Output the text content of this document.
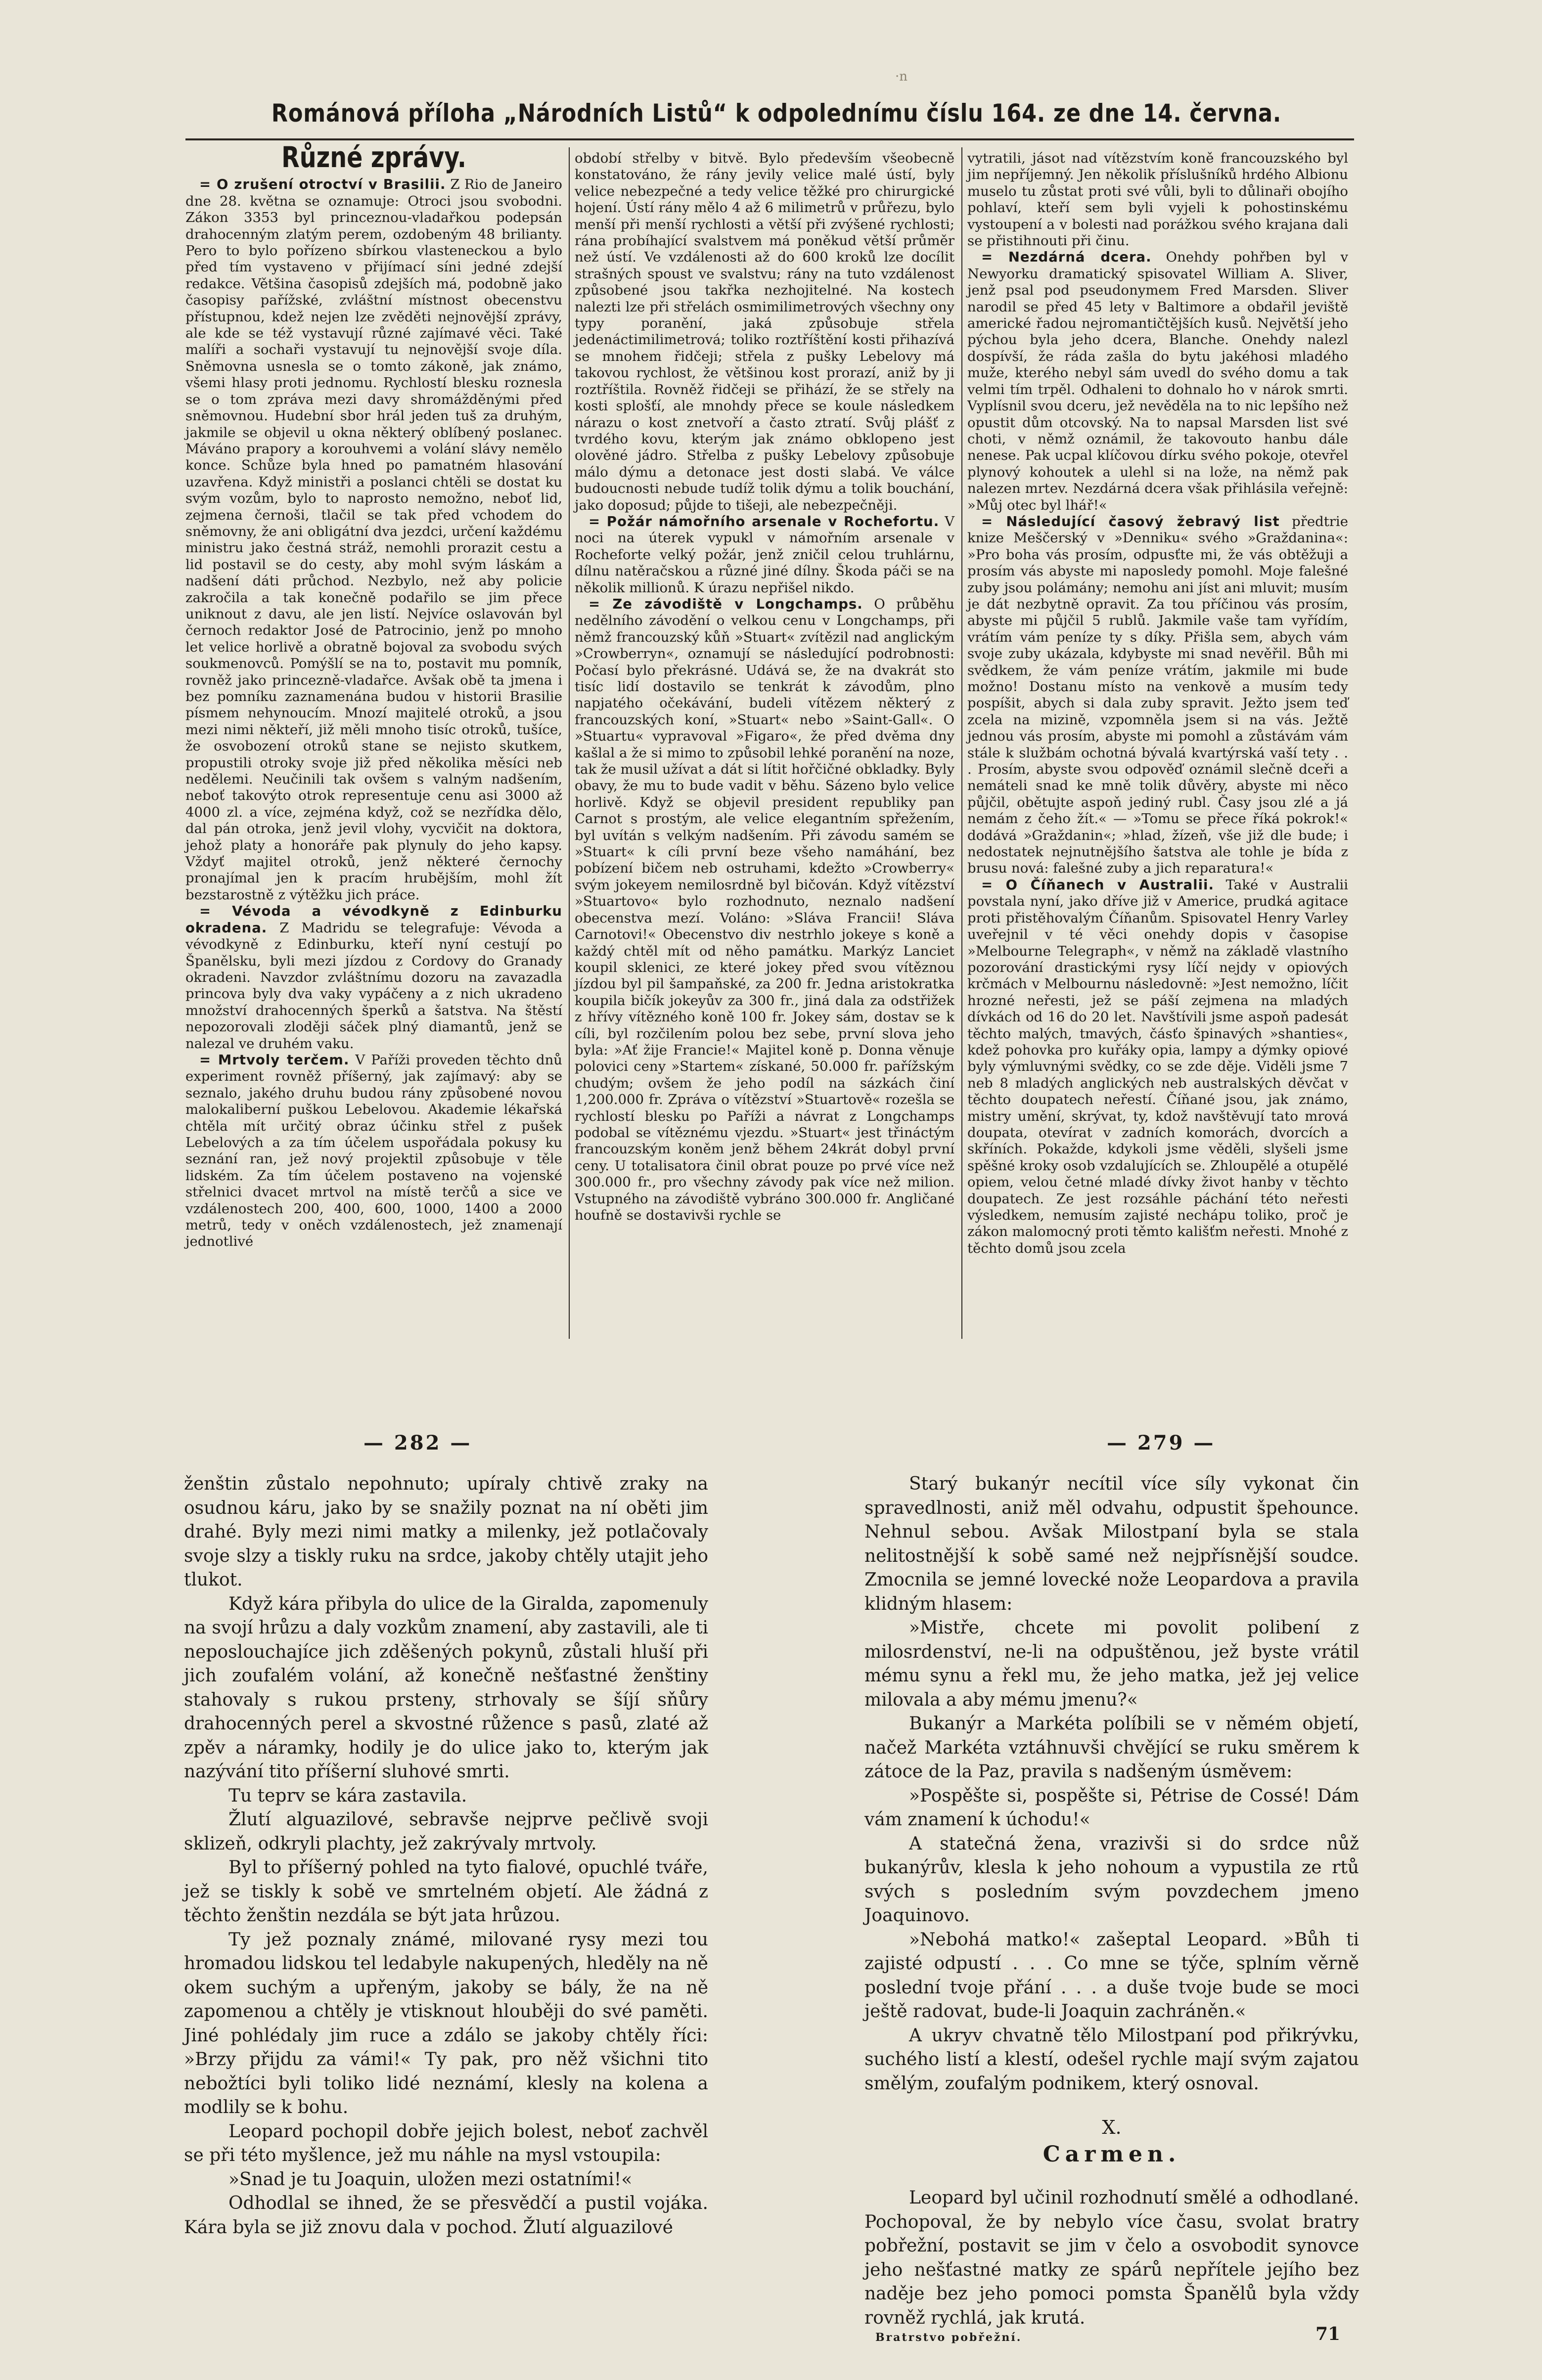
·n
Románová příloha „Národních Listů“ k odpolednímu číslu 164. ze dne 14. června.
Různé zprávy.

= O zrušení otroctví v Brasilii. Z Rio de Janeiro dne 28. května se oznamuje: Otroci jsou svobodni. Zákon 3353 byl princeznou-vladařkou podepsán drahocenným zlatým perem, ozdobeným 48 brilianty. Pero to bylo pořízeno sbírkou vlasteneckou a bylo před tím vystaveno v přijímací síni jedné zdejší redakce. Většina časopisů zdejších má, podobně jako časopisy pařížské, zvláštní místnost obecenstvu přístupnou, kdež nejen lze zvěděti nejnovější zprávy, ale kde se též vystavují různé zajímavé věci. Také malíři a sochaři vystavují tu nejnovější svoje díla. Sněmovna usnesla se o tomto zákoně, jak známo, všemi hlasy proti jednomu. Rychlostí blesku roznesla se o tom zpráva mezi davy shromážděnými před sněmovnou. Hudební sbor hrál jeden tuš za druhým, jakmile se objevil u okna některý oblíbený poslanec. Máváno prapory a korouhvemi a volání slávy nemělo konce. Schůze byla hned po pamatném hlasování uzavřena. Když ministři a poslanci chtěli se dostat ku svým vozům, bylo to naprosto nemožno, neboť lid, zejmena černoši, tlačil se tak před vchodem do sněmovny, že ani obligátní dva jezdci, určení každému ministru jako čestná stráž, nemohli prorazit cestu a lid postavil se do cesty, aby mohl svým láskám a nadšení dáti průchod. Nezbylo, než aby policie zakročila a tak konečně podařilo se jim přece uniknout z davu, ale jen listí. Nejvíce oslavován byl černoch redaktor José de Patrocinio, jenž po mnoho let velice horlivě a obratně bojoval za svobodu svých soukmenovců. Pomýšlí se na to, postavit mu pomník, rovněž jako princezně-vladařce. Avšak obě ta jmena i bez pomníku zaznamenána budou v historii Brasilie písmem nehynoucím. Mnozí majitelé otroků, a jsou mezi nimi někteří, již měli mnoho tisíc otroků, tušíce, že osvobození otroků stane se nejisto skutkem, propustili otroky svoje již před několika měsíci neb nedělemi. Neučinili tak ovšem s valným nadšením, neboť takovýto otrok representuje cenu asi 3000 až 4000 zl. a více, zejména když, což se nezřídka dělo, dal pán otroka, jenž jevil vlohy, vycvičit na doktora, jehož platy a honoráře pak plynuly do jeho kapsy. Vždyť majitel otroků, jenž některé černochy pronajímal jen k pracím hrubějším, mohl žít bezstarostně z výtěžku jich práce.

= Vévoda a vévodkyně z Edinburku okradena. Z Madridu se telegrafuje: Vévoda a vévodkyně z Edinburku, kteří nyní cestují po Španělsku, byli mezi jízdou z Cordovy do Granady okradeni. Navzdor zvláštnímu dozoru na zavazadla princova byly dva vaky vypáčeny a z nich ukradeno množství drahocenných šperků a šatstva. Na štěstí nepozorovali zloději sáček plný diamantů, jenž se nalezal ve druhém vaku.

= Mrtvoly terčem. V Paříži proveden těchto dnů experiment rovněž příšerný, jak zajímavý: aby se seznalo, jakého druhu budou rány způsobené novou malokaliberní puškou Lebelovou. Akademie lékařská chtěla mít určitý obraz účinku střel z pušek Lebelových a za tím účelem uspořádala pokusy ku seznání ran, jež nový projektil způsobuje v těle lidském. Za tím účelem postaveno na vojenské střelnici dvacet mrtvol na místě terčů a sice ve vzdálenostech 200, 400, 600, 1000, 1400 a 2000 metrů, tedy v oněch vzdálenostech, jež znamenají jednotlivé

období střelby v bitvě. Bylo především všeobecně konstatováno, že rány jevily velice malé ústí, byly velice nebezpečné a tedy velice těžké pro chirurgické hojení. Ústí rány mělo 4 až 6 milimetrů v průřezu, bylo menší při menší rychlosti a větší při zvýšené rychlosti; rána probíhající svalstvem má poněkud větší průměr než ústí. Ve vzdálenosti až do 600 kroků lze docílit strašných spoust ve svalstvu; rány na tuto vzdálenost způsobené jsou takřka nezhojitelné. Na kostech nalezti lze při střelách osmimilimetrových všechny ony typy poranění, jaká způsobuje střela jedenáctimilimetrová; toliko roztříštění kosti přihazívá se mnohem řidčeji; střela z pušky Lebelovy má takovou rychlost, že většinou kost prorazí, aniž by ji roztříštila. Rovněž řidčeji se přihází, že se střely na kosti splošťí, ale mnohdy přece se koule následkem nárazu o kost znetvoří a často ztratí. Svůj plášť z tvrdého kovu, kterým jak známo obklopeno jest olověné jádro. Střelba z pušky Lebelovy způsobuje málo dýmu a detonace jest dosti slabá. Ve válce budoucnosti nebude tudíž tolik dýmu a tolik bouchání, jako doposud; půjde to tišeji, ale nebezpečněji.

= Požár námořního arsenale v Rochefortu. V noci na úterek vypukl v námořním arsenale v Rocheforte velký požár, jenž zničil celou truhlárnu, dílnu natěračskou a různé jiné dílny. Škoda páči se na několik millionů. K úrazu nepřišel nikdo.

= Ze závodiště v Longchamps. O průběhu nedělního závodění o velkou cenu v Longchamps, při němž francouzský kůň »Stuart« zvítězil nad anglickým »Crowberryn«, oznamují se následující podrobnosti: Počasí bylo překrásné. Udává se, že na dvakrát sto tisíc lidí dostavilo se tenkrát k závodům, plno napjatého očekávání, budeli vítězem některý z francouzských koní, »Stuart« nebo »Saint-Gall«. O »Stuartu« vypravoval »Figaro«, že před dvěma dny kašlal a že si mimo to způsobil lehké poranění na noze, tak že musil užívat a dát si lítit hořčičné obkladky. Byly obavy, že mu to bude vadit v běhu. Sázeno bylo velice horlivě. Když se objevil president republiky pan Carnot s prostým, ale velice elegantním spřežením, byl uvítán s velkým nadšením. Při závodu samém se »Stuart« k cíli první beze všeho namáhání, bez pobízení bičem neb ostruhami, kdežto »Crowberry« svým jokeyem nemilosrdně byl bičován. Když vítězství »Stuartovo« bylo rozhodnuto, neznalo nadšení obecenstva mezí. Voláno: »Sláva Francii! Sláva Carnotovi!« Obecenstvo div nestrhlo jokeye s koně a každý chtěl mít od něho památku. Markýz Lanciet koupil sklenici, ze které jokey před svou vítěznou jízdou byl pil šampaňské, za 200 fr. Jedna aristokratka koupila bičík jokeyův za 300 fr., jiná dala za odstřižek z hřívy vítězného koně 100 fr. Jokey sám, dostav se k cíli, byl rozčilením polou bez sebe, první slova jeho byla: »Ať žije Francie!« Majitel koně p. Donna věnuje polovici ceny »Startem« získané, 50.000 fr. pařížským chudým; ovšem že jeho podíl na sázkách činí 1,200.000 fr. Zpráva o vítězství »Stuartově« rozešla se rychlostí blesku po Paříži a návrat z Longchamps podobal se vítěznému vjezdu. »Stuart« jest třináctým francouzským koněm jenž během 24krát dobyl první ceny. U totalisatora činil obrat pouze po prvé více než 300.000 fr., pro všechny závody pak více než milion. Vstupného na závodiště vybráno 300.000 fr. Angličané houfně se dostavivši rychle se

vytratili, jásot nad vítězstvím koně francouzského byl jim nepříjemný. Jen několik příslušníků hrdého Albionu muselo tu zůstat proti své vůli, byli to důlinaři obojího pohlaví, kteří sem byli vyjeli k pohostinskému vystoupení a v bolesti nad porážkou svého krajana dali se přistihnouti při činu.

= Nezdárná dcera. Onehdy pohřben byl v Newyorku dramatický spisovatel William A. Sliver, jenž psal pod pseudonymem Fred Marsden. Sliver narodil se před 45 lety v Baltimore a obdařil jeviště americké řadou nejromantičtějších kusů. Největší jeho pýchou byla jeho dcera, Blanche. Onehdy nalezl dospívší, že ráda zašla do bytu jakéhosi mladého muže, kterého nebyl sám uvedl do svého domu a tak velmi tím trpěl. Odhaleni to dohnalo ho v nárok smrti. Vyplísnil svou dceru, jež nevěděla na to nic lepšího než opustit dům otcovský. Na to napsal Marsden list své choti, v němž oznámil, že takovouto hanbu dále nenese. Pak ucpal klíčovou dírku svého pokoje, otevřel plynový kohoutek a ulehl si na lože, na němž pak nalezen mrtev. Nezdárná dcera však přihlásila veřejně: »Můj otec byl lhář!«

= Následující časový žebravý list předtrie knize Meščerský v »Denniku« svého »Graždanina«: »Pro boha vás prosím, odpusťte mi, že vás obtěžuji a prosím vás abyste mi naposledy pomohl. Moje falešné zuby jsou polámány; nemohu ani jíst ani mluvit; musím je dát nezbytně opravit. Za tou příčinou vás prosím, abyste mi půjčil 5 rublů. Jakmile vaše tam vyřídím, vrátím vám peníze ty s díky. Přišla sem, abych vám svoje zuby ukázala, kdybyste mi snad nevěřil. Bůh mi svědkem, že vám peníze vrátím, jakmile mi bude možno! Dostanu místo na venkově a musím tedy pospíšit, abych si dala zuby spravit. Ježto jsem teď zcela na mizině, vzpomněla jsem si na vás. Ježtě jednou vás prosím, abyste mi pomohl a zůstávám vám stále k službám ochotná bývalá kvartýrská vaší tety . . . Prosím, abyste svou odpověď oznámil slečně dceři a nemáteli snad ke mně tolik důvěry, abyste mi něco půjčil, obětujte aspoň jediný rubl. Časy jsou zlé a já nemám z čeho žít.« — »Tomu se přece říká pokrok!« dodává »Graždanin«; »hlad, žízeň, vše již dle bude; i nedostatek nejnutnějšího šatstva ale tohle je bída z brusu nová: falešné zuby a jich reparatura!«

= O Číňanech v Australii. Také v Australii povstala nyní, jako dříve již v Americe, prudká agitace proti přistěhovalým Číňanům. Spisovatel Henry Varley uveřejnil v té věci onehdy dopis v časopise »Melbourne Telegraph«, v němž na základě vlastního pozorování drastickými rysy líčí nejdy v opiových krčmách v Melbournu následovně: »Jest nemožno, líčit hrozné neřesti, jež se páší zejmena na mladých dívkách od 16 do 20 let. Navštívili jsme aspoň padesát těchto malých, tmavých, čásťo špinavých »shanties«, kdež pohovka pro kuřáky opia, lampy a dýmky opiové byly výmluvnými svědky, co se zde děje. Viděli jsme 7 neb 8 mladých anglických neb australských děvčat v těchto doupatech neřestí. Číňané jsou, jak známo, mistry umění, skrývat, ty, kdož navštěvují tato mrová doupata, otevírat v zadních komorách, dvorcích a skříních. Pokažde, kdykoli jsme věděli, slyšeli jsme spěšné kroky osob vzdalujících se. Zhloupělé a otupělé opiem, velou četné mladé dívky život hanby v těchto doupatech. Ze jest rozsáhle páchání této neřesti výsledkem, nemusím zajisté nechápu toliko, proč je zákon malomocný proti těmto kališťm neřesti. Mnohé z těchto domů jsou zcela

— 282 —	— 279 —

ženštin zůstalo nepohnuto; upíraly chtivě zraky na osudnou káru, jako by se snažily poznat na ní oběti jim drahé. Byly mezi nimi matky a milenky, jež potlačovaly svoje slzy a tiskly ruku na srdce, jakoby chtěly utajit jeho tlukot.

Když kára přibyla do ulice de la Giralda, zapomenuly na svojí hrůzu a daly vozkům znamení, aby zastavili, ale ti neposlouchajíce jich zděšených pokynů, zůstali hluší při jich zoufalém volání, až konečně nešťastné ženštiny stahovaly s rukou prsteny, strhovaly se šíjí sňůry drahocenných perel a skvostné růžence s pasů, zlaté až zpěv a náramky, hodily je do ulice jako to, kterým jak nazývání tito příšerní sluhové smrti.

Tu teprv se kára zastavila.

Žlutí alguazilové, sebravše nejprve pečlivě svoji sklizeň, odkryli plachty, jež zakrývaly mrtvoly.

Byl to příšerný pohled na tyto fialové, opuchlé tváře, jež se tiskly k sobě ve smrtelném objetí. Ale žádná z těchto ženštin nezdála se být jata hrůzou.

Ty jež poznaly známé, milované rysy mezi tou hromadou lidskou tel ledabyle nakupených, hleděly na ně okem suchým a upřeným, jakoby se bály, že na ně zapomenou a chtěly je vtisknout hlouběji do své paměti. Jiné pohlédaly jim ruce a zdálo se jakoby chtěly říci: »Brzy přijdu za vámi!« Ty pak, pro něž všichni tito nebožtíci byli toliko lidé neznámí, klesly na kolena a modlily se k bohu.

Leopard pochopil dobře jejich bolest, neboť zachvěl se při této myšlence, jež mu náhle na mysl vstoupila:

»Snad je tu Joaquin, uložen mezi ostatními!«

Odhodlal se ihned, že se přesvědčí a pustil vojáka. Kára byla se již znovu dala v pochod. Žlutí alguazilové

Starý bukanýr necítil více síly vykonat čin spravedlnosti, aniž měl odvahu, odpustit špehounce. Nehnul sebou. Avšak Milostpaní byla se stala nelitostnější k sobě samé než nejpřísnější soudce. Zmocnila se jemné lovecké nože Leopardova a pravila klidným hlasem:

»Mistře, chcete mi povolit polibení z milosrdenství, ne-li na odpuštěnou, jež byste vrátil mému synu a řekl mu, že jeho matka, jež jej velice milovala a aby mému jmenu?«

Bukanýr a Markéta políbili se v němém objetí, načež Markéta vztáhnuvši chvějící se ruku směrem k zátoce de la Paz, pravila s nadšeným úsměvem:

»Pospěšte si, pospěšte si, Pétrise de Cossé! Dám vám znamení k úchodu!«

A statečná žena, vrazivši si do srdce nůž bukanýrův, klesla k jeho nohoum a vypustila ze rtů svých s posledním svým povzdechem jmeno Joaquinovo.

»Nebohá matko!« zašeptal Leopard. »Bůh ti zajisté odpustí . . . Co mne se týče, splním věrně poslední tvoje přání . . . a duše tvoje bude se moci ještě radovat, bude-li Joaquin zachráněn.«

A ukryv chvatně tělo Milostpaní pod přikrývku, suchého listí a klestí, odešel rychle mají svým zajatou smělým, zoufalým podnikem, který osnoval.

X.
Carmen.

Leopard byl učinil rozhodnutí smělé a odhodlané. Pochopoval, že by nebylo více času, svolat bratry pobřežní, postavit se jim v čelo a osvobodit synovce jeho nešťastné matky ze spárů nepřítele jejího bez naděje bez jeho pomoci pomsta Španělů byla vždy rovněž rychlá, jak krutá.

Bratrstvo pobřežní.	71
